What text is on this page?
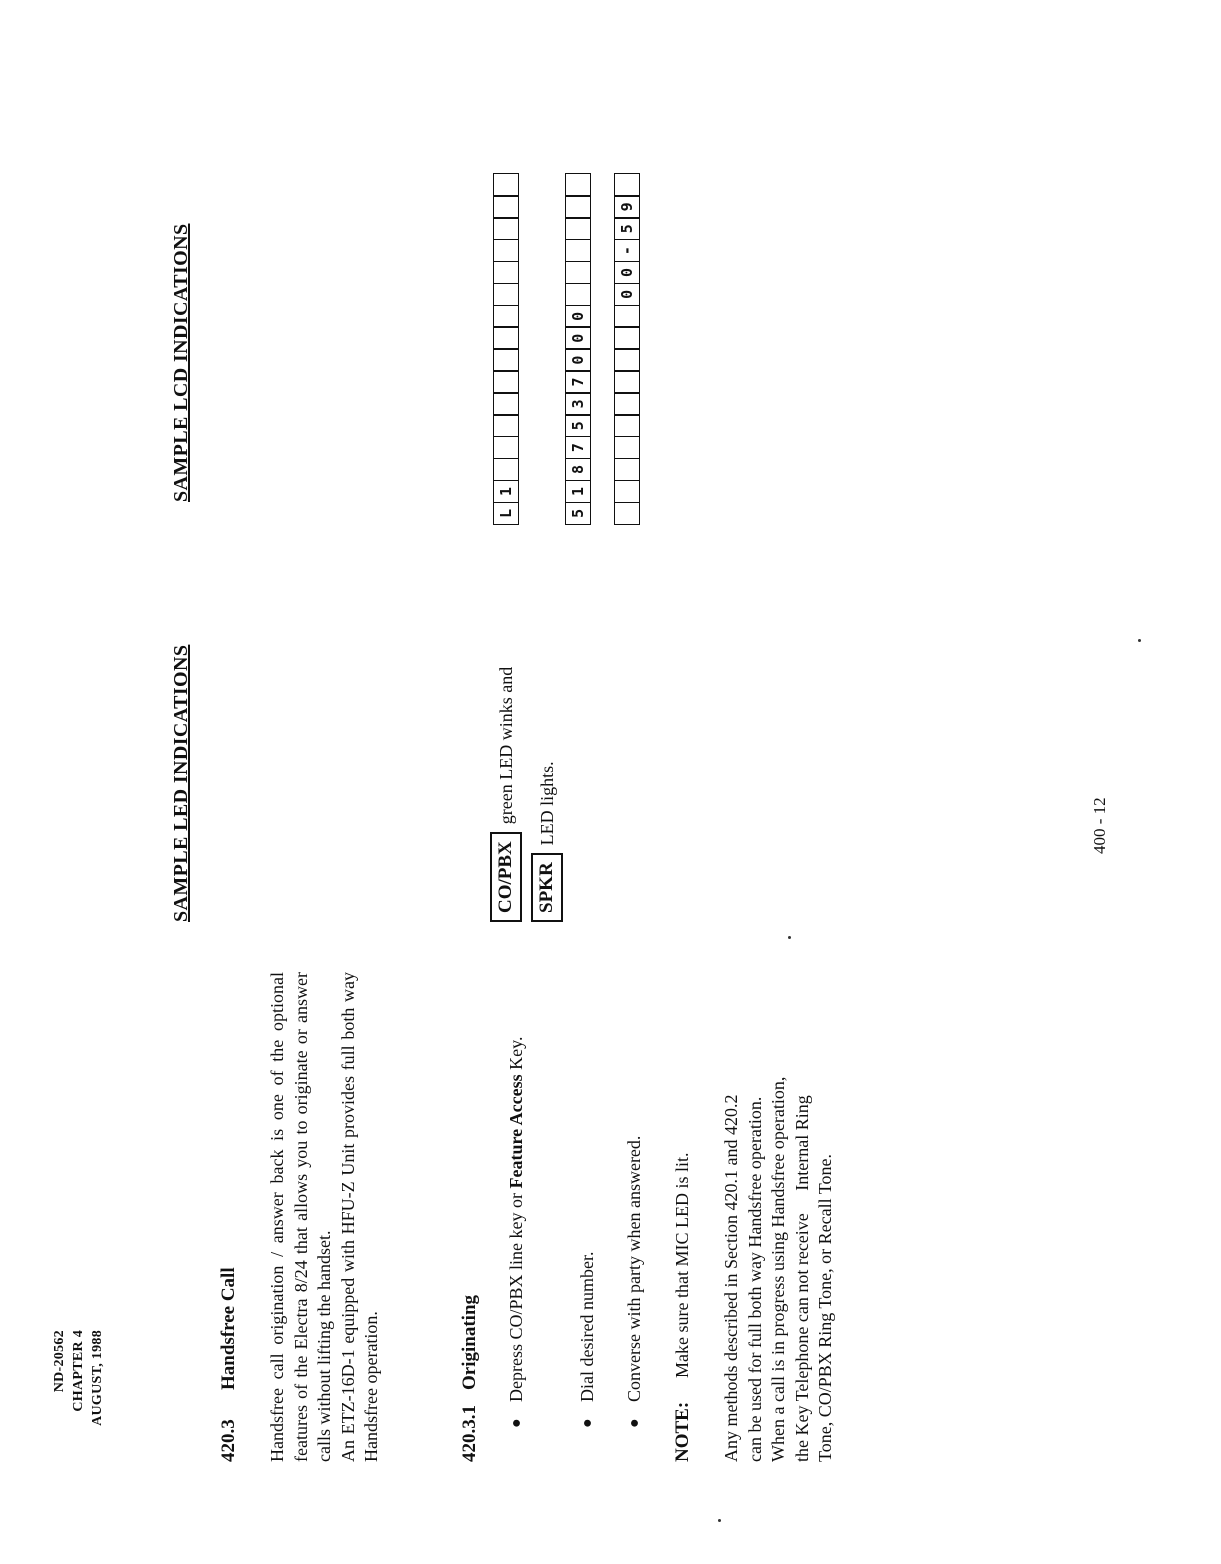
ND-20562 CHAPTER 4 AUGUST, 1988
SAMPLE LED INDICATIONS
SAMPLE LCD INDICATIONS
420.3Handsfree Call Handsfree call origination / answer back is one of the optional features of the Electra 8/24 that allows you to originate or answer calls without lifting the handset. An ETZ-16D-1 equipped with HFU-Z Unit provides full both way Handsfree operation.	420.3.1Originating
●
Depress CO/PBX line key or Feature Access Key.
●
Dial desired number.
●
Converse with party when answered.
NOTE:Make sure that MIC LED is lit. Any methods described in Section 420.1 and 420.2 can be used for full both way Handsfree operation. When a call is in progress using Handsfree operation, the Key Telephone can not receive     Internal Ring Tone, CO/PBX Ring Tone, or Recall Tone.
CO/PBX
green LED winks and
SPKR
LED lights.
L
1
5
1
8
7
5
3
7
0
0
0
0
0
-
5
9
400 - 12
